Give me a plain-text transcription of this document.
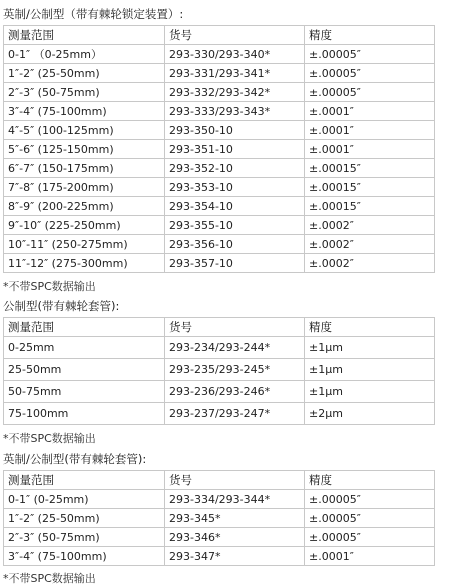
英制/公制型（带有棘轮锁定装置）:
测量范围	货号	精度
0-1″ （0-25mm）	293-330/293-340*	±.00005″
1″-2″ (25-50mm)	293-331/293-341*	±.00005″
2″-3″ (50-75mm)	293-332/293-342*	±.00005″
3″-4″ (75-100mm)	293-333/293-343*	±.0001″
4″-5″ (100-125mm)	293-350-10	±.0001″
5″-6″ (125-150mm)	293-351-10	±.0001″
6″-7″ (150-175mm)	293-352-10	±.00015″
7″-8″ (175-200mm)	293-353-10	±.00015″
8″-9″ (200-225mm)	293-354-10	±.00015″
9″-10″ (225-250mm)	293-355-10	±.0002″
10″-11″ (250-275mm)	293-356-10	±.0002″
11″-12″ (275-300mm)	293-357-10	±.0002″
*不带SPC数据输出
公制型(带有棘轮套管):
测量范围	货号	精度
0-25mm	293-234/293-244*	±1μm
25-50mm	293-235/293-245*	±1μm
50-75mm	293-236/293-246*	±1μm
75-100mm	293-237/293-247*	±2μm
*不带SPC数据输出
英制/公制型(带有棘轮套管):
测量范围	货号	精度
0-1″ (0-25mm)	293-334/293-344*	±.00005″
1″-2″ (25-50mm)	293-345*	±.00005″
2″-3″ (50-75mm)	293-346*	±.00005″
3″-4″ (75-100mm)	293-347*	±.0001″
*不带SPC数据输出
